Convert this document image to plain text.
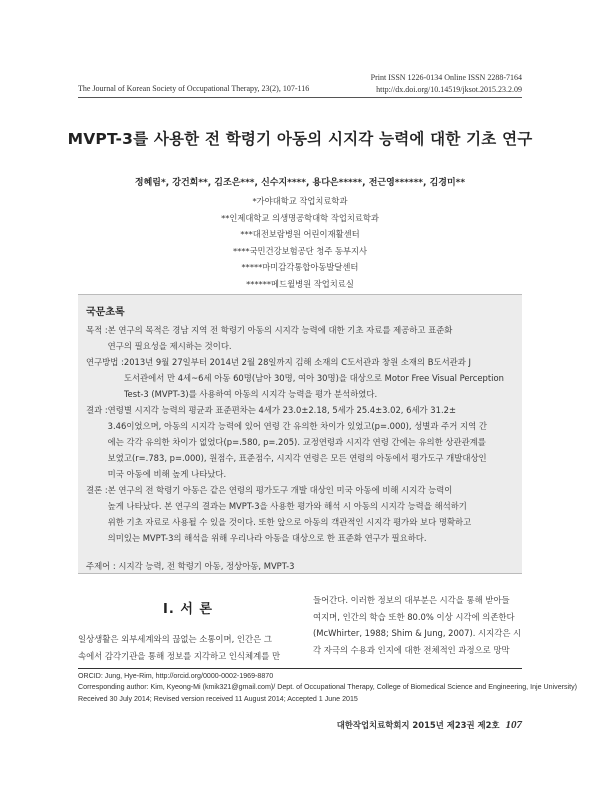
Print ISSN 1226-0134 Online ISSN 2288-7164
http://dx.doi.org/10.14519/jksot.2015.23.2.09
The Journal of Korean Society of Occupational Therapy, 23(2), 107-116
MVPT-3를 사용한 전 학령기 아동의 시지각 능력에 대한 기초 연구
정혜림*, 강건희**, 김조은***, 신수지****, 용다은*****, 전근영******, 김경미**
*가야대학교 작업치료학과
**인제대학교 의생명공학대학 작업치료학과
***대전보람병원 어린이재활센터
****국민건강보험공단 청주 동부지사
*****마미감각통합아동발달센터
******메드윌병원 작업치료실
국문초록
목적 : 본 연구의 목적은 경남 지역 전 학령기 아동의 시지각 능력에 대한 기초 자료를 제공하고 표준화
연구의 필요성을 제시하는 것이다.
연구방법 : 2013년 9월 27일부터 2014년 2월 28일까지 김해 소재의 C도서관과 창원 소재의 B도서관과 J
도서관에서 만 4세~6세 아동 60명(남아 30명, 여아 30명)을 대상으로 Motor Free Visual Perception
Test-3 (MVPT-3)를 사용하여 아동의 시지각 능력을 평가 분석하였다.
결과 : 연령별 시지각 능력의 평균과 표준편차는 4세가 23.0±2.18, 5세가 25.4±3.02, 6세가 31.2±
3.46이었으며, 아동의 시지각 능력에 있어 연령 간 유의한 차이가 있었고(p=.000), 성별과 주거 지역 간
에는 각각 유의한 차이가 없었다(p=.580, p=.205). 교정연령과 시지각 연령 간에는 유의한 상관관계를
보였고(r=.783, p=.000), 원점수, 표준점수, 시지각 연령은 모든 연령의 아동에서 평가도구 개발대상인
미국 아동에 비해 높게 나타났다.
결론 : 본 연구의 전 학령기 아동은 같은 연령의 평가도구 개발 대상인 미국 아동에 비해 시지각 능력이
높게 나타났다. 본 연구의 결과는 MVPT-3을 사용한 평가와 해석 시 아동의 시지각 능력을 해석하기
위한 기초 자료로 사용될 수 있을 것이다. 또한 앞으로 아동의 객관적인 시지각 평가와 보다 명확하고
의미있는 MVPT-3의 해석을 위해 우리나라 아동을 대상으로 한 표준화 연구가 필요하다.
주제어 : 시지각 능력, 전 학령기 아동, 정상아동, MVPT-3
I. 서 론
일상생활은 외부세계와의 끊없는 소통이며, 인간은 그
속에서 감각기관을 통해 정보를 지각하고 인식체계를 만
들어간다. 이러한 정보의 대부분은 시각을 통해 받아들
여지며, 인간의 학습 또한 80.0% 이상 시각에 의존한다
(McWhirter, 1988; Shim & Jung, 2007). 시지각은 시
각 자극의 수용과 인지에 대한 전체적인 과정으로 망막
ORCID: Jung, Hye-Rim, http://orcid.org/0000-0002-1969-8870
Corresponding author: Kim, Kyeong-Mi (kmik321@gmail.com)/ Dept. of Occupational Therapy, College of Biomedical Science and Engineering, Inje University)
Received 30 July 2014; Revised version received 11 August 2014; Accepted 1 June 2015
대한작업치료학회지 2015년 제23권 제2호 107
